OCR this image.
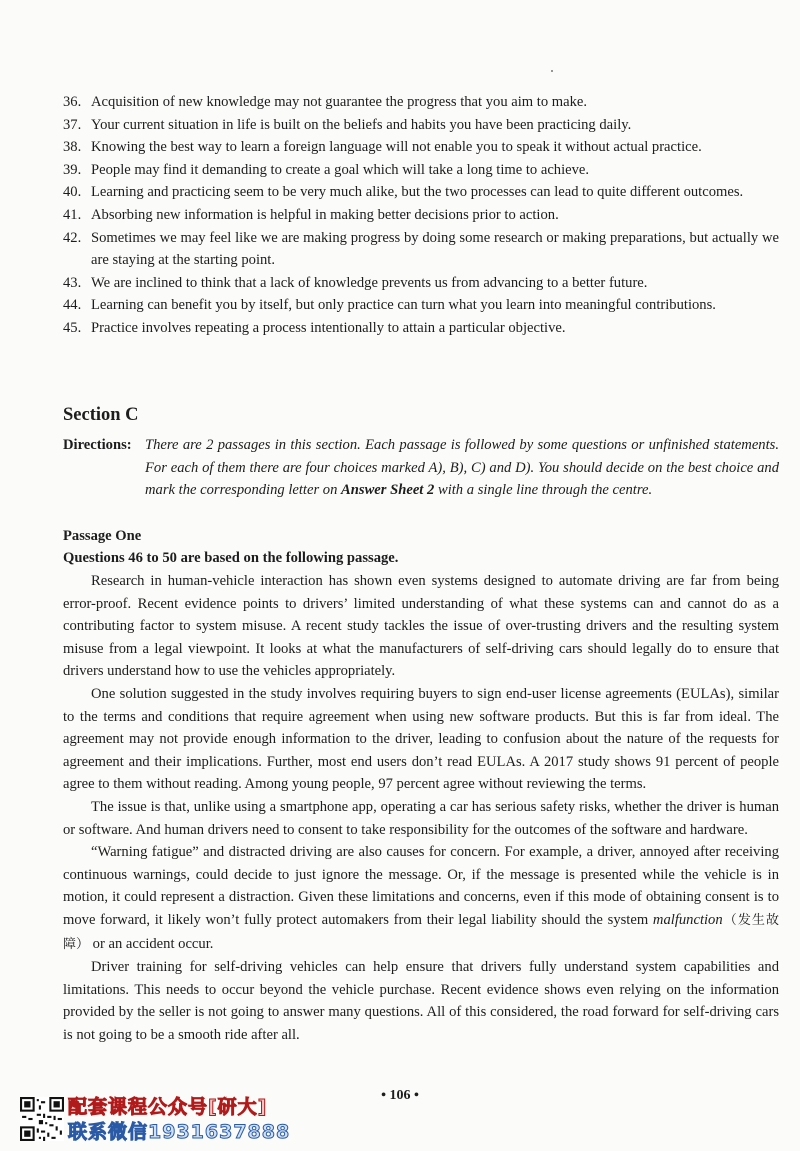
36. Acquisition of new knowledge may not guarantee the progress that you aim to make.
37. Your current situation in life is built on the beliefs and habits you have been practicing daily.
38. Knowing the best way to learn a foreign language will not enable you to speak it without actual practice.
39. People may find it demanding to create a goal which will take a long time to achieve.
40. Learning and practicing seem to be very much alike, but the two processes can lead to quite different outcomes.
41. Absorbing new information is helpful in making better decisions prior to action.
42. Sometimes we may feel like we are making progress by doing some research or making preparations, but actually we are staying at the starting point.
43. We are inclined to think that a lack of knowledge prevents us from advancing to a better future.
44. Learning can benefit you by itself, but only practice can turn what you learn into meaningful contributions.
45. Practice involves repeating a process intentionally to attain a particular objective.
Section C
Directions: There are 2 passages in this section. Each passage is followed by some questions or unfinished statements. For each of them there are four choices marked A), B), C) and D). You should decide on the best choice and mark the corresponding letter on Answer Sheet 2 with a single line through the centre.
Passage One
Questions 46 to 50 are based on the following passage.

Research in human-vehicle interaction has shown even systems designed to automate driving are far from being error-proof. Recent evidence points to drivers’ limited understanding of what these systems can and cannot do as a contributing factor to system misuse. A recent study tackles the issue of over-trusting drivers and the resulting system misuse from a legal viewpoint. It looks at what the manufacturers of self-driving cars should legally do to ensure that drivers understand how to use the vehicles appropriately.

One solution suggested in the study involves requiring buyers to sign end-user license agreements (EULAs), similar to the terms and conditions that require agreement when using new software products. But this is far from ideal. The agreement may not provide enough information to the driver, leading to confusion about the nature of the requests for agreement and their implications. Further, most end users don’t read EULAs. A 2017 study shows 91 percent of people agree to them without reading. Among young people, 97 percent agree without reviewing the terms.

The issue is that, unlike using a smartphone app, operating a car has serious safety risks, whether the driver is human or software. And human drivers need to consent to take responsibility for the outcomes of the software and hardware.

“Warning fatigue” and distracted driving are also causes for concern. For example, a driver, annoyed after receiving continuous warnings, could decide to just ignore the message. Or, if the message is presented while the vehicle is in motion, it could represent a distraction. Given these limitations and concerns, even if this mode of obtaining consent is to move forward, it likely won’t fully protect automakers from their legal liability should the system malfunction（发生故障） or an accident occur.

Driver training for self-driving vehicles can help ensure that drivers fully understand system capabilities and limitations. This needs to occur beyond the vehicle purchase. Recent evidence shows even relying on the information provided by the seller is not going to answer many questions. All of this considered, the road forward for self-driving cars is not going to be a smooth ride after all.

• 106 •
配套课程公众号[研大]
联系微信1931637888
